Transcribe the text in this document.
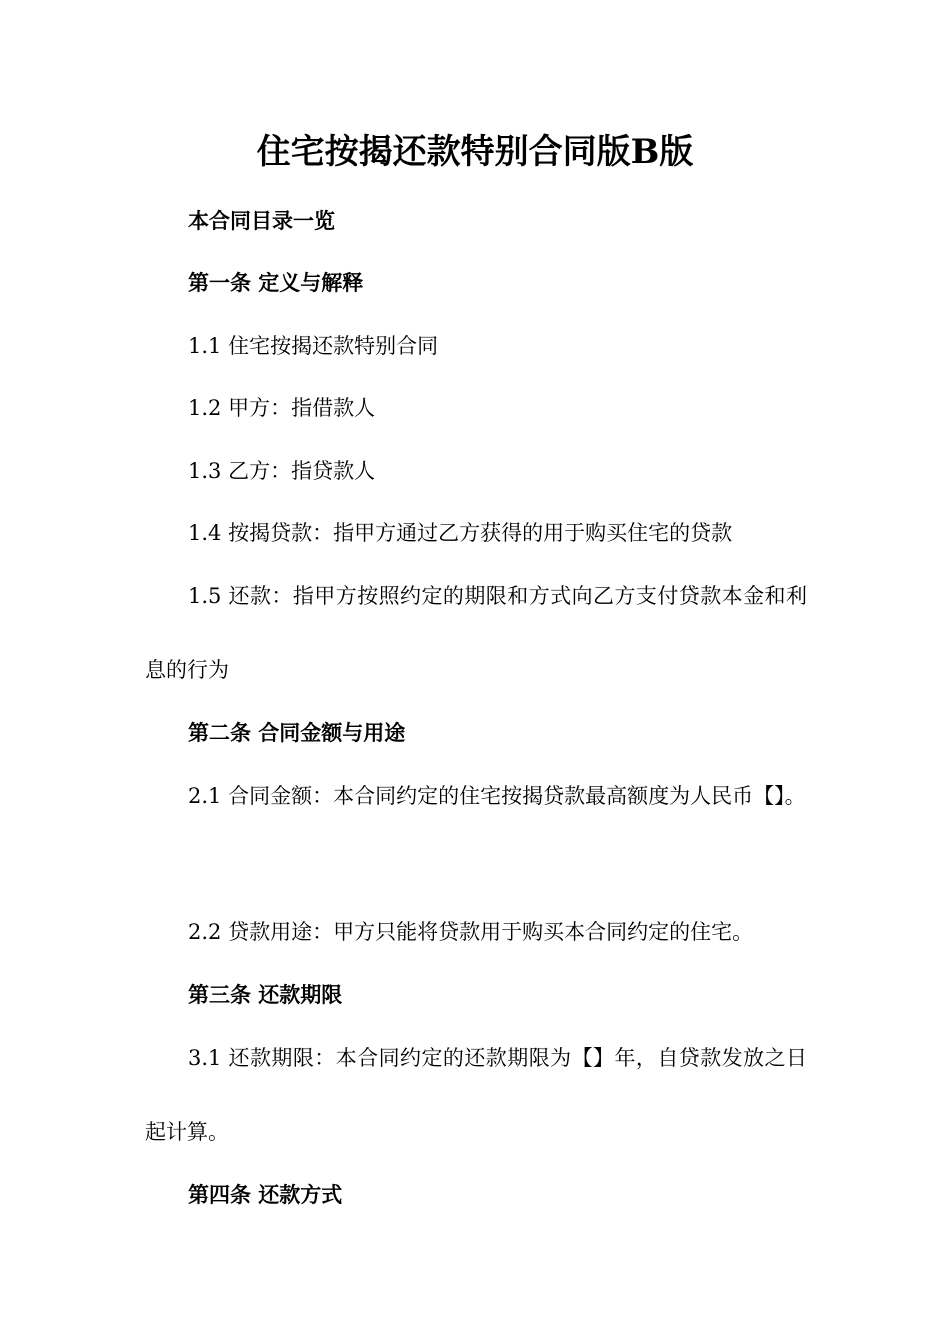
住宅按揭还款特别合同版B版
本合同目录一览
第一条 定义与解释
1.1 住宅按揭还款特别合同
1.2 甲方：指借款人
1.3 乙方：指贷款人
1.4 按揭贷款：指甲方通过乙方获得的用于购买住宅的贷款
1.5 还款：指甲方按照约定的期限和方式向乙方支付贷款本金和利息的行为
第二条 合同金额与用途
2.1 合同金额：本合同约定的住宅按揭贷款最高额度为人民币【】。
2.2 贷款用途：甲方只能将贷款用于购买本合同约定的住宅。
第三条 还款期限
3.1 还款期限：本合同约定的还款期限为【】年，自贷款发放之日起计算。
第四条 还款方式
